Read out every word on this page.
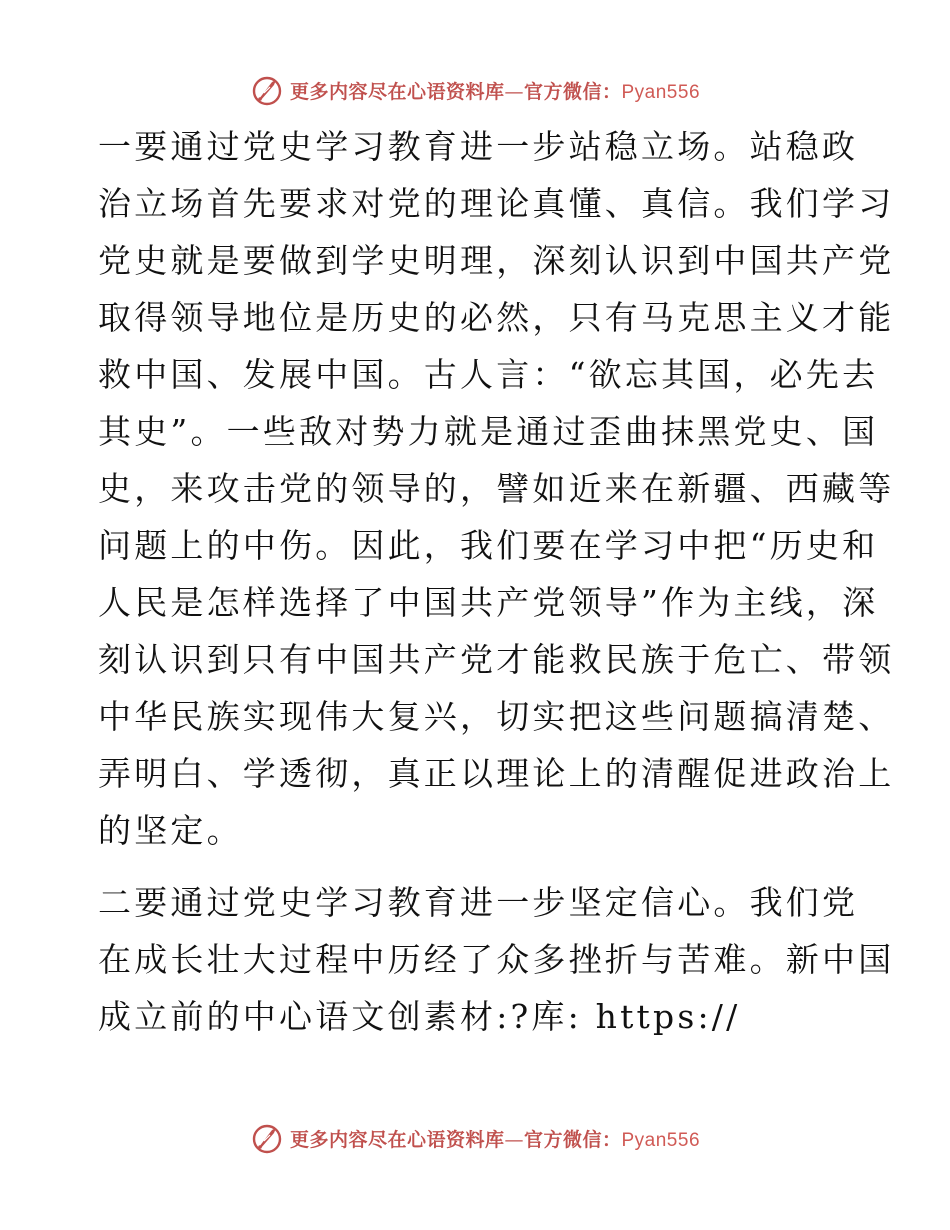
更多内容尽在心语资料库—官方微信：Pyan556

一要通过党史学习教育进一步站稳立场。站稳政
治立场首先要求对党的理论真懂、真信。我们学习
党史就是要做到学史明理，深刻认识到中国共产党
取得领导地位是历史的必然，只有马克思主义才能
救中国、发展中国。古人言：“欲忘其国，必先去
其史”。一些敌对势力就是通过歪曲抹黑党史、国
史，来攻击党的领导的，譬如近来在新疆、西藏等
问题上的中伤。因此，我们要在学习中把“历史和
人民是怎样选择了中国共产党领导”作为主线，深
刻认识到只有中国共产党才能救民族于危亡、带领
中华民族实现伟大复兴，切实把这些问题搞清楚、
弄明白、学透彻，真正以理论上的清醒促进政治上
的坚定。

二要通过党史学习教育进一步坚定信心。我们党
在成长壮大过程中历经了众多挫折与苦难。新中国
成立前的中心语文创素材:?库: https://

更多内容尽在心语资料库—官方微信：Pyan556
